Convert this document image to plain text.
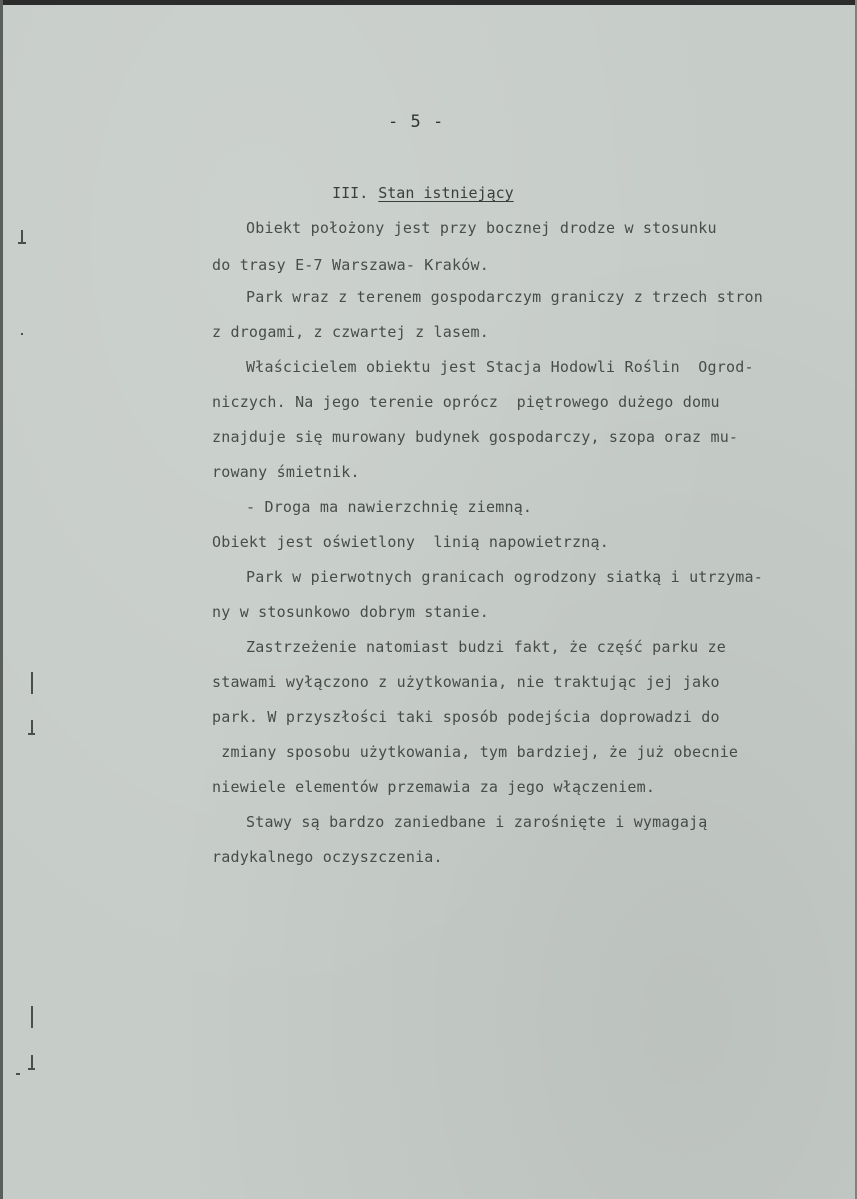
- 5 -

III. Stan istniejący

Obiekt położony jest przy bocznej drodze w stosunku
do trasy E-7 Warszawa- Kraków.
Park wraz z terenem gospodarczym graniczy z trzech stron
z drogami, z czwartej z lasem.
Właścicielem obiektu jest Stacja Hodowli Roślin  Ogrod-
niczych. Na jego terenie oprócz  piętrowego dużego domu
znajduje się murowany budynek gospodarczy, szopa oraz mu-
rowany śmietnik.
- Droga ma nawierzchnię ziemną.
Obiekt jest oświetlony  linią napowietrzną.
Park w pierwotnych granicach ogrodzony siatką i utrzyma-
ny w stosunkowo dobrym stanie.
Zastrzeżenie natomiast budzi fakt, że część parku ze
stawami wyłączono z użytkowania, nie traktując jej jako
park. W przyszłości taki sposób podejścia doprowadzi do
zmiany sposobu użytkowania, tym bardziej, że już obecnie
niewiele elementów przemawia za jego włączeniem.
Stawy są bardzo zaniedbane i zarośnięte i wymagają
radykalnego oczyszczenia.
